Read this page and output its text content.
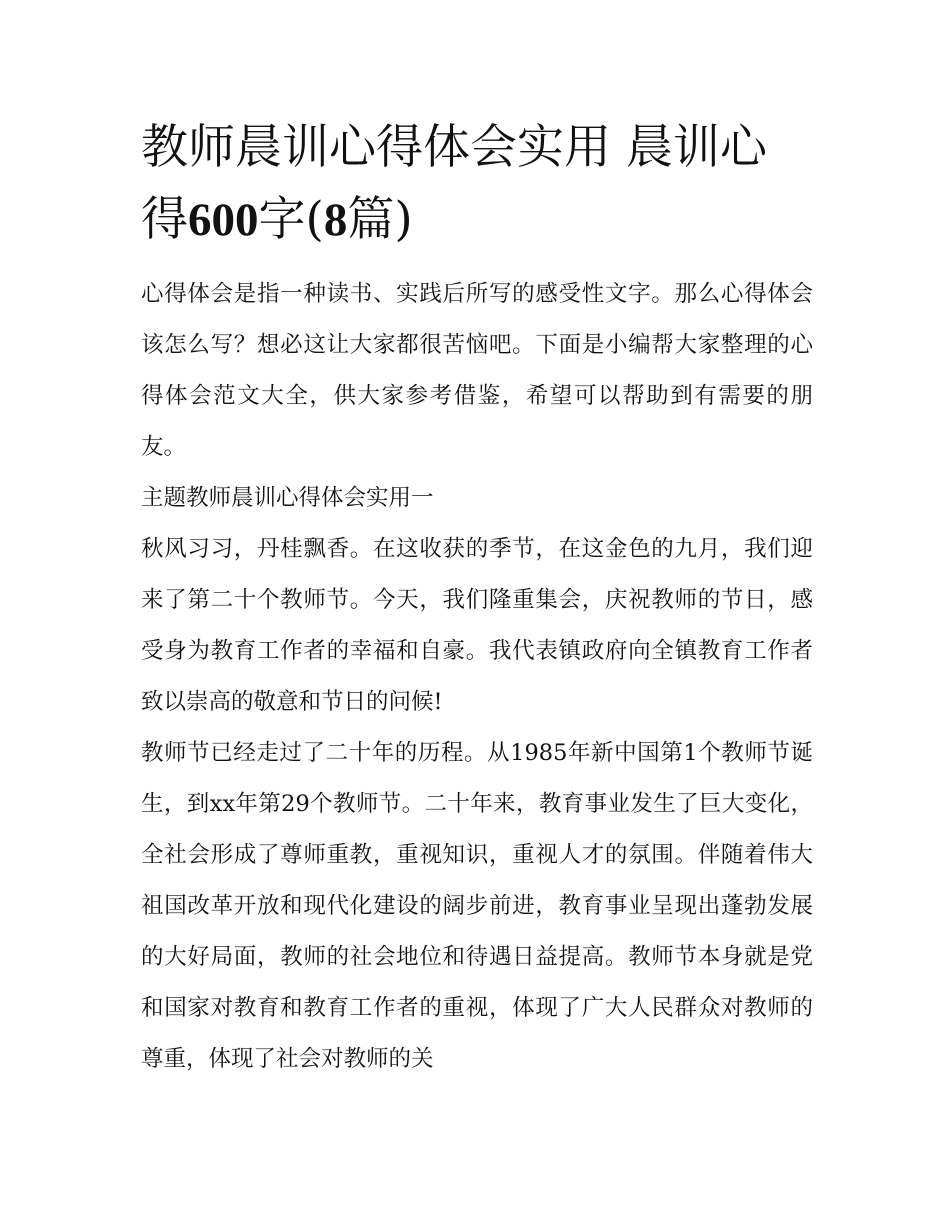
教师晨训心得体会实用 晨训心得600字(8篇)

心得体会是指一种读书、实践后所写的感受性文字。那么心得体会该怎么写？想必这让大家都很苦恼吧。下面是小编帮大家整理的心得体会范文大全，供大家参考借鉴，希望可以帮助到有需要的朋友。

主题教师晨训心得体会实用一

秋风习习，丹桂飘香。在这收获的季节，在这金色的九月，我们迎来了第二十个教师节。今天，我们隆重集会，庆祝教师的节日，感受身为教育工作者的幸福和自豪。我代表镇政府向全镇教育工作者致以崇高的敬意和节日的问候!

教师节已经走过了二十年的历程。从1985年新中国第1个教师节诞生，到xx年第29个教师节。二十年来，教育事业发生了巨大变化，全社会形成了尊师重教，重视知识，重视人才的氛围。伴随着伟大祖国改革开放和现代化建设的阔步前进，教育事业呈现出蓬勃发展的大好局面，教师的社会地位和待遇日益提高。教师节本身就是党和国家对教育和教育工作者的重视，体现了广大人民群众对教师的尊重，体现了社会对教师的关
